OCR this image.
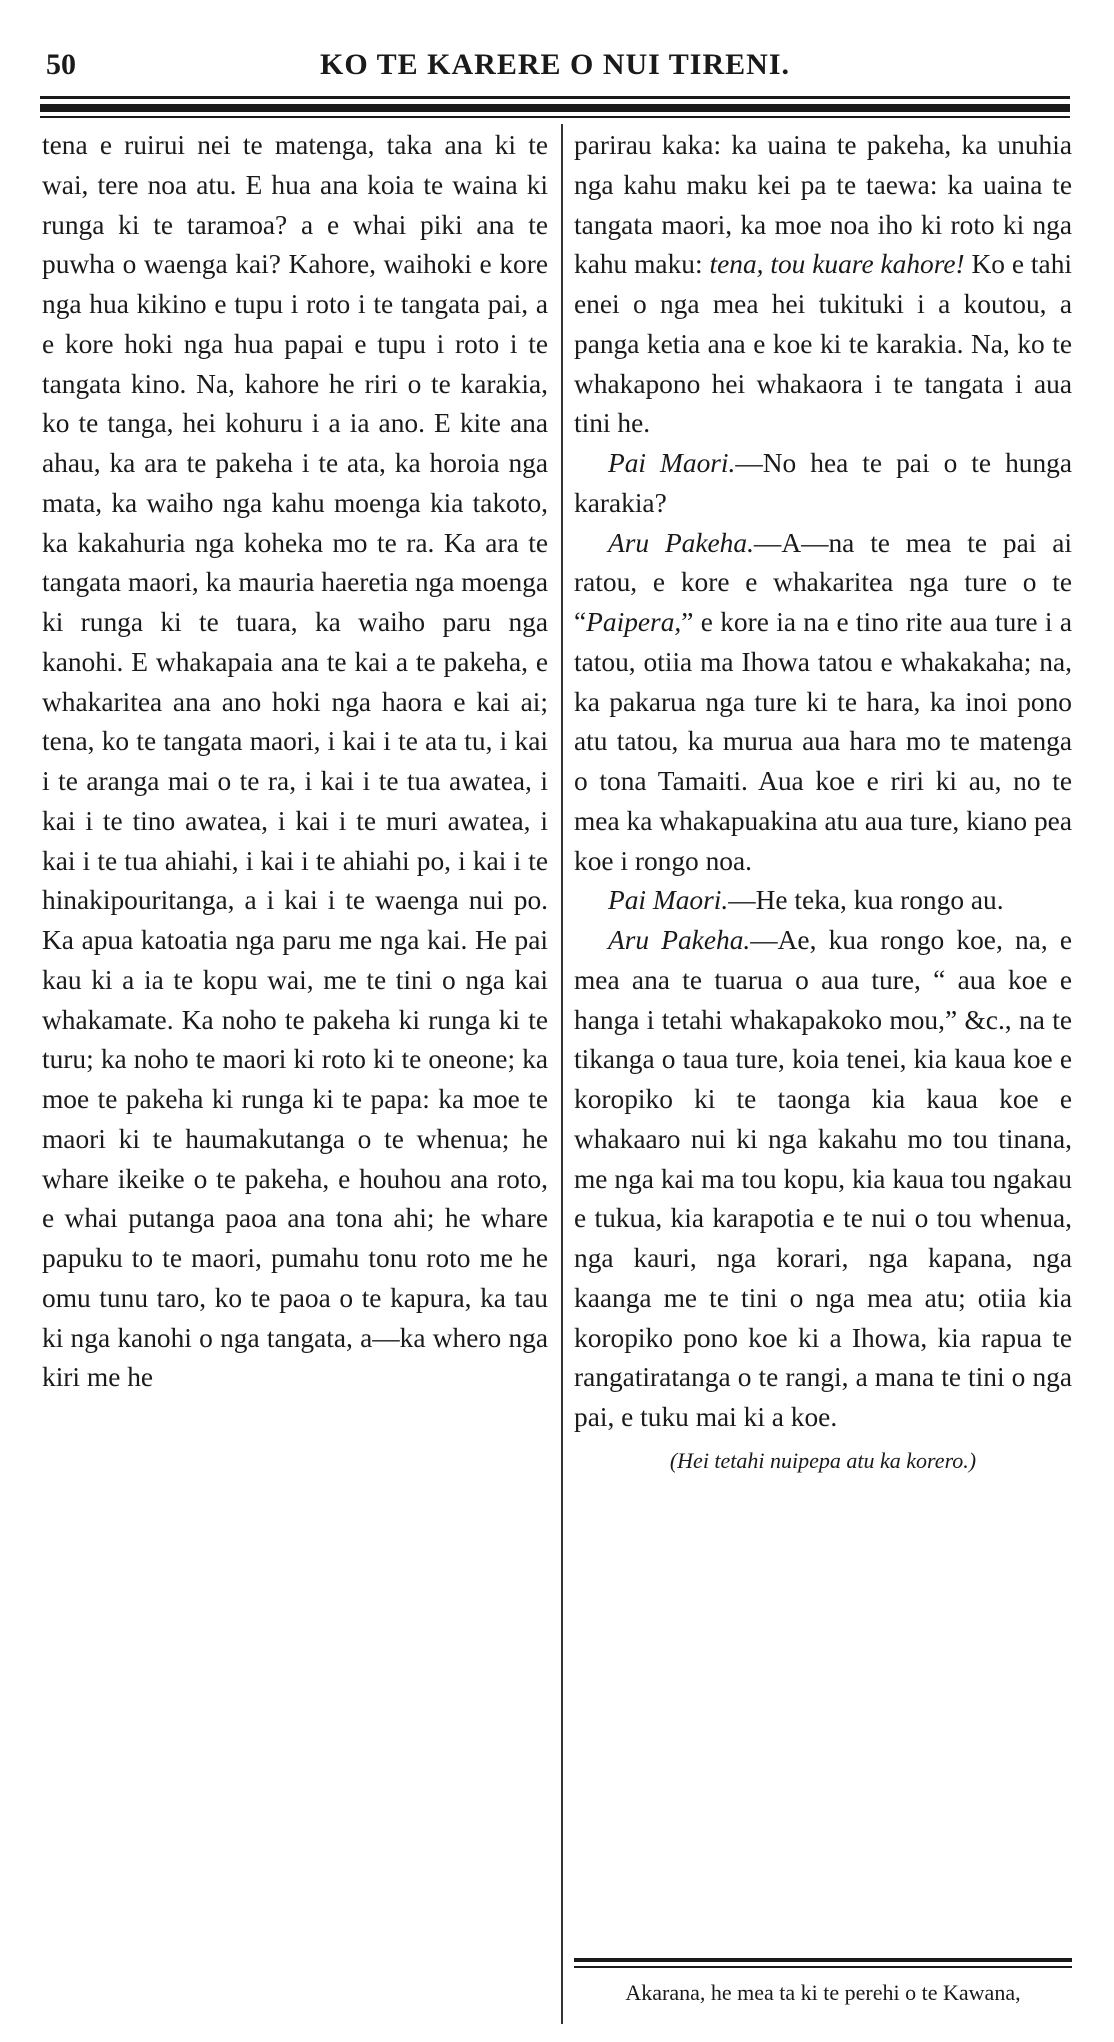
50	KO TE KARERE O NUI TIRENI.

tena e ruirui nei te matenga, taka ana ki te wai, tere noa atu. E hua ana koia te waina ki runga ki te taramoa? a e whai piki ana te puwha o waenga kai? Kahore, waihoki e kore nga hua kikino e tupu i roto i te tangata pai, a e kore hoki nga hua papai e tupu i roto i te tangata kino. Na, kahore he riri o te karakia, ko te tanga, hei kohuru i a ia ano. E kite ana ahau, ka ara te pakeha i te ata, ka horoia nga mata, ka waiho nga kahu moenga kia takoto, ka kakahuria nga koheka mo te ra. Ka ara te tangata maori, ka mauria haeretia nga moenga ki runga ki te tuara, ka waiho paru nga kanohi. E whakapaia ana te kai a te pakeha, e whakaritea ana ano hoki nga haora e kai ai; tena, ko te tangata maori, i kai i te ata tu, i kai i te aranga mai o te ra, i kai i te tua awatea, i kai i te tino awatea, i kai i te muri awatea, i kai i te tua ahiahi, i kai i te ahiahi po, i kai i te hinakipouritanga, a i kai i te waenga nui po. Ka apua katoatia nga paru me nga kai. He pai kau ki a ia te kopu wai, me te tini o nga kai whakamate. Ka noho te pakeha ki runga ki te turu; ka noho te maori ki roto ki te oneone; ka moe te pakeha ki runga ki te papa: ka moe te maori ki te haumakutanga o te whenua; he whare ikeike o te pakeha, e houhou ana roto, e whai putanga paoa ana tona ahi; he whare papuku to te maori, pumahu tonu roto me he omu tunu taro, ko te paoa o te kapura, ka tau ki nga kanohi o nga tangata, a—ka whero nga kiri me he

parirau kaka: ka uaina te pakeha, ka unuhia nga kahu maku kei pa te taewa: ka uaina te tangata maori, ka moe noa iho ki roto ki nga kahu maku: tena, tou kuare kahore! Ko e tahi enei o nga mea hei tukituki i a koutou, a panga ketia ana e koe ki te karakia. Na, ko te whakapono hei whakaora i te tangata i aua tini he.

Pai Maori.—No hea te pai o te hunga karakia?

Aru Pakeha.—A—na te mea te pai ai ratou, e kore e whakaritea nga ture o te “Paipera,” e kore ia na e tino rite aua ture i a tatou, otiia ma Ihowa tatou e whakakaha; na, ka pakarua nga ture ki te hara, ka inoi pono atu tatou, ka murua aua hara mo te matenga o tona Tamaiti. Aua koe e riri ki au, no te mea ka whakapuakina atu aua ture, kiano pea koe i rongo noa.

Pai Maori.—He teka, kua rongo au.

Aru Pakeha.—Ae, kua rongo koe, na, e mea ana te tuarua o aua ture, “ aua koe e hanga i tetahi whakapakoko mou,” &c., na te tikanga o taua ture, koia tenei, kia kaua koe e koropiko ki te taonga kia kaua koe e whakaaro nui ki nga kakahu mo tou tinana, me nga kai ma tou kopu, kia kaua tou ngakau e tukua, kia karapotia e te nui o tou whenua, nga kauri, nga korari, nga kapana, nga kaanga me te tini o nga mea atu; otiia kia koropiko pono koe ki a Ihowa, kia rapua te rangatiratanga o te rangi, a mana te tini o nga pai, e tuku mai ki a koe.

(Hei tetahi nuipepa atu ka korero.)

Akarana, he mea ta ki te perehi o te Kawana,
